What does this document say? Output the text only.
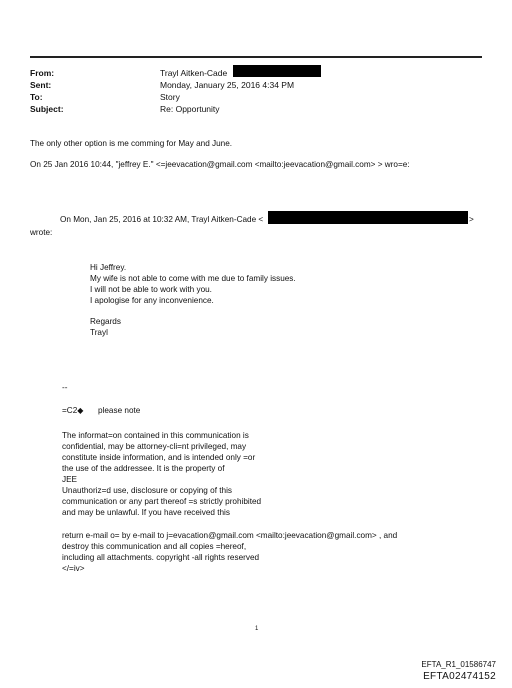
From:	Trayl Aitken-Cade
Sent:	Monday, January 25, 2016 4:34 PM
To:	Story
Subject:	Re: Opportunity
The only other option is me comming for May and June.
On 25 Jan 2016 10:44, "jeffrey E." <=jeevacation@gmail.com <mailto:jeevacation@gmail.com> > wro=e:
On Mon, Jan 25, 2016 at 10:32 AM, Trayl Aitken-Cade <	>
wrote:
Hi Jeffrey.
My wife is not able to come with me due to family issues.
I will not be able to work with you.
I apologise for any inconvenience.
Regards
Trayl
--
=C2◆ please note
The informat=on contained in this communication is
confidential, may be attorney-cli=nt privileged, may
constitute inside information, and is intended only =or
the use of the addressee. It is the property of
JEE
Unauthoriz=d use, disclosure or copying of this
communication or any part thereof =s strictly prohibited
and may be unlawful. If you have received this
return e-mail o= by e-mail to j=evacation@gmail.com <mailto:jeevacation@gmail.com> , and
destroy this communication and all copies =hereof,
including all attachments. copyright -all rights reserved
</=iv>
1
EFTA_R1_01586747
EFTA02474152
